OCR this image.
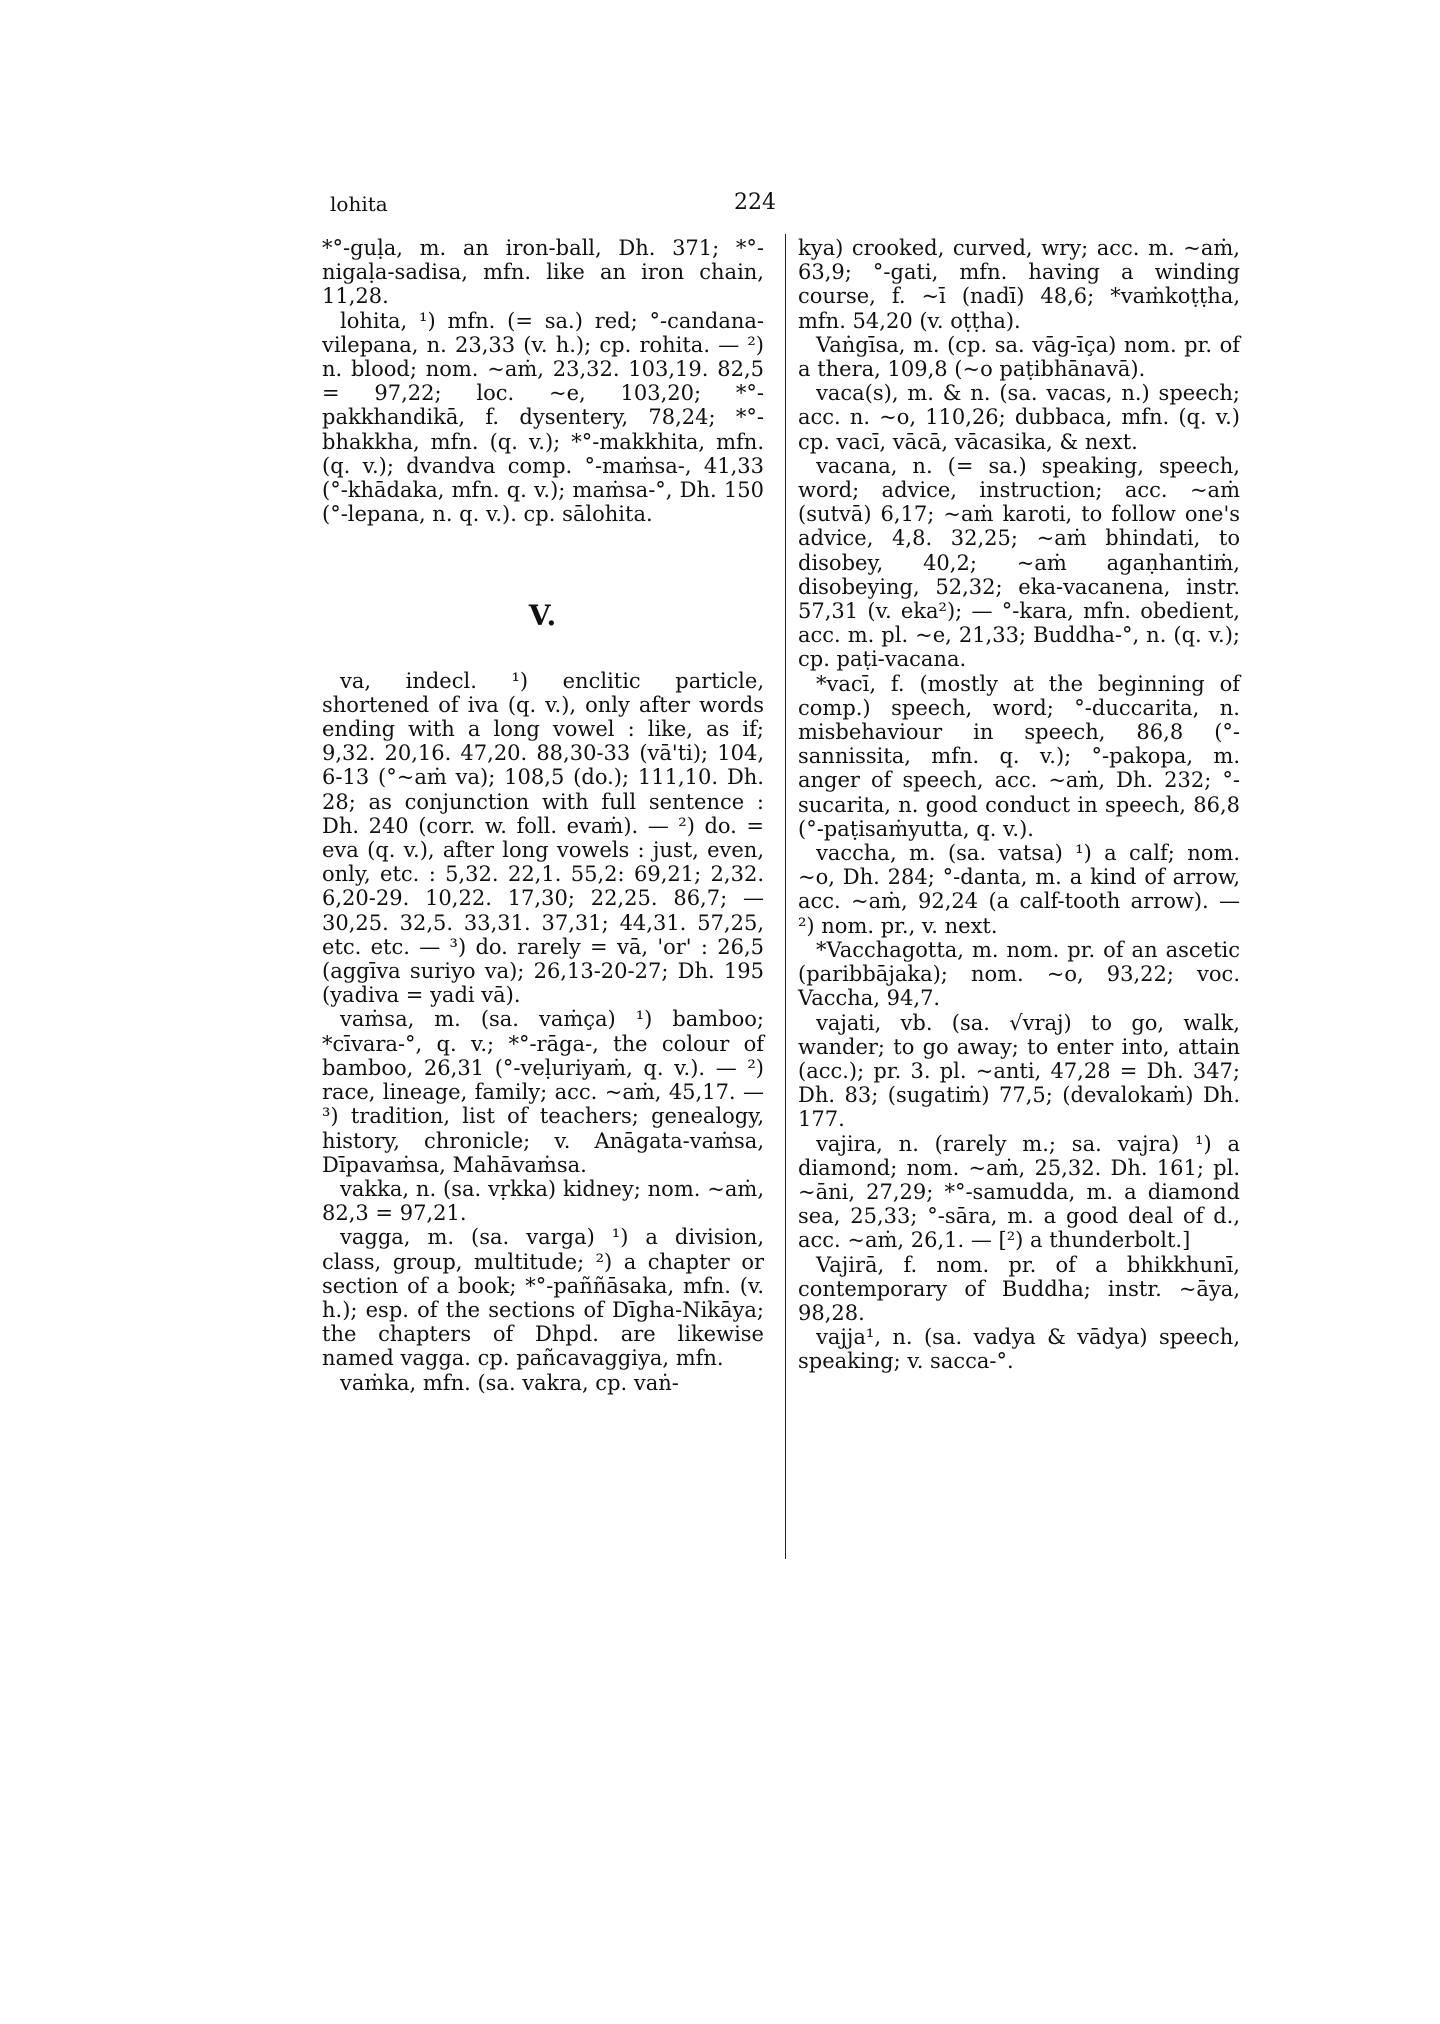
lohita	224

*°-guḷa, m. an iron-ball, Dh. 371; *°-nigaḷa-sadisa, mfn. like an iron chain, 11,28.

lohita, ¹) mfn. (= sa.) red; °-candana-vilepana, n. 23,33 (v. h.); cp. rohita. — ²) n. blood; nom. ~aṁ, 23,32. 103,19. 82,5 = 97,22; loc. ~e, 103,20; *°-pakkhandikā, f. dysentery, 78,24; *°-bhakkha, mfn. (q. v.); *°-makkhita, mfn. (q. v.); dvandva comp. °-maṁsa-, 41,33 (°-khādaka, mfn. q. v.); maṁsa-°, Dh. 150 (°-lepana, n. q. v.). cp. sālohita.

V.

va, indecl. ¹) enclitic particle, shortened of iva (q. v.), only after words ending with a long vowel : like, as if; 9,32. 20,16. 47,20. 88,30-33 (vā'ti); 104, 6-13 (°~aṁ va); 108,5 (do.); 111,10. Dh. 28; as conjunction with full sentence : Dh. 240 (corr. w. foll. evaṁ). — ²) do. = eva (q. v.), after long vowels : just, even, only, etc. : 5,32. 22,1. 55,2: 69,21; 2,32. 6,20-29. 10,22. 17,30; 22,25. 86,7; — 30,25. 32,5. 33,31. 37,31; 44,31. 57,25, etc. etc. — ³) do. rarely = vā, 'or' : 26,5 (aggīva suriyo va); 26,13-20-27; Dh. 195 (yadiva = yadi vā).

vaṁsa, m. (sa. vaṁça) ¹) bamboo; *cīvara-°, q. v.; *°-rāga-, the colour of bamboo, 26,31 (°-veḷuriyaṁ, q. v.). — ²) race, lineage, family; acc. ~aṁ, 45,17. — ³) tradition, list of teachers; genealogy, history, chronicle; v. Anāgata-vaṁsa, Dīpavaṁsa, Mahāvaṁsa.

vakka, n. (sa. vṛkka) kidney; nom. ~aṁ, 82,3 = 97,21.

vagga, m. (sa. varga) ¹) a division, class, group, multitude; ²) a chapter or section of a book; *°-paññāsaka, mfn. (v. h.); esp. of the sections of Dīgha-Nikāya; the chapters of Dhpd. are likewise named vagga. cp. pañcavaggiya, mfn.

vaṁka, mfn. (sa. vakra, cp. vaṅ-

kya) crooked, curved, wry; acc. m. ~aṁ, 63,9; °-gati, mfn. having a winding course, f. ~ī (nadī) 48,6; *vaṁkoṭṭha, mfn. 54,20 (v. oṭṭha).

Vaṅgīsa, m. (cp. sa. vāg-īça) nom. pr. of a thera, 109,8 (~o paṭibhānavā).

vaca(s), m. & n. (sa. vacas, n.) speech; acc. n. ~o, 110,26; dubbaca, mfn. (q. v.) cp. vacī, vācā, vācasika, & next.

vacana, n. (= sa.) speaking, speech, word; advice, instruction; acc. ~aṁ (sutvā) 6,17; ~aṁ karoti, to follow one's advice, 4,8. 32,25; ~aṁ bhindati, to disobey, 40,2; ~aṁ agaṇhantiṁ, disobeying, 52,32; eka-vacanena, instr. 57,31 (v. eka²); — °-kara, mfn. obedient, acc. m. pl. ~e, 21,33; Buddha-°, n. (q. v.); cp. paṭi-vacana.

*vacī, f. (mostly at the beginning of comp.) speech, word; °-duccarita, n. misbehaviour in speech, 86,8 (°-sannissita, mfn. q. v.); °-pakopa, m. anger of speech, acc. ~aṁ, Dh. 232; °-sucarita, n. good conduct in speech, 86,8 (°-paṭisaṁyutta, q. v.).

vaccha, m. (sa. vatsa) ¹) a calf; nom. ~o, Dh. 284; °-danta, m. a kind of arrow, acc. ~aṁ, 92,24 (a calf-tooth arrow). — ²) nom. pr., v. next.

*Vacchagotta, m. nom. pr. of an ascetic (paribbājaka); nom. ~o, 93,22; voc. Vaccha, 94,7.

vajati, vb. (sa. √vraj) to go, walk, wander; to go away; to enter into, attain (acc.); pr. 3. pl. ~anti, 47,28 = Dh. 347; Dh. 83; (sugatiṁ) 77,5; (devalokaṁ) Dh. 177.

vajira, n. (rarely m.; sa. vajra) ¹) a diamond; nom. ~aṁ, 25,32. Dh. 161; pl. ~āni, 27,29; *°-samudda, m. a diamond sea, 25,33; °-sāra, m. a good deal of d., acc. ~aṁ, 26,1. — [²) a thunderbolt.]

Vajirā, f. nom. pr. of a bhikkhunī, contemporary of Buddha; instr. ~āya, 98,28.

vajja¹, n. (sa. vadya & vādya) speech, speaking; v. sacca-°.
